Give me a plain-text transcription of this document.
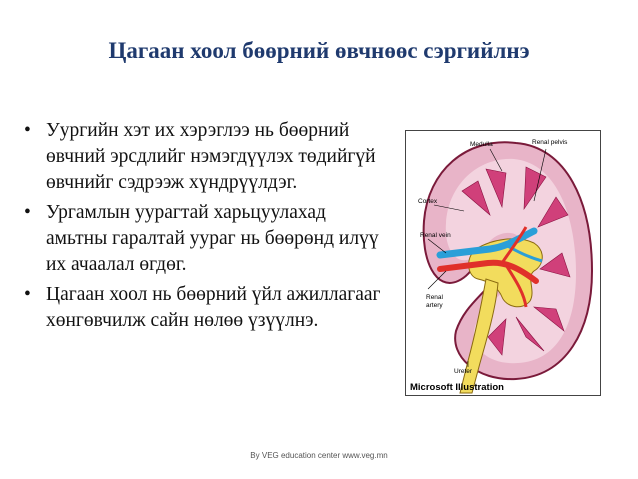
Цагаан хоол бөөрний өвчнөөс сэргийлнэ
• Уургийн хэт их хэрэглээ нь бөөрний өвчний эрсдлийг нэмэгдүүлэх төдийгүй өвчнийг сэдрээж хүндрүүлдэг.
• Ургамлын уурагтай харьцуулахад амьтны гаралтай уураг нь бөөрөнд илүү их ачаалал өгдөг.
• Цагаан хоол нь бөөрний үйл ажиллагааг хөнгөвчилж сайн нөлөө үзүүлнэ.
Medulla	Renal pelvis
Cortex
Renal vein
Renal
artery
Ureter
Microsoft Illustration
By VEG education center www.veg.mn
